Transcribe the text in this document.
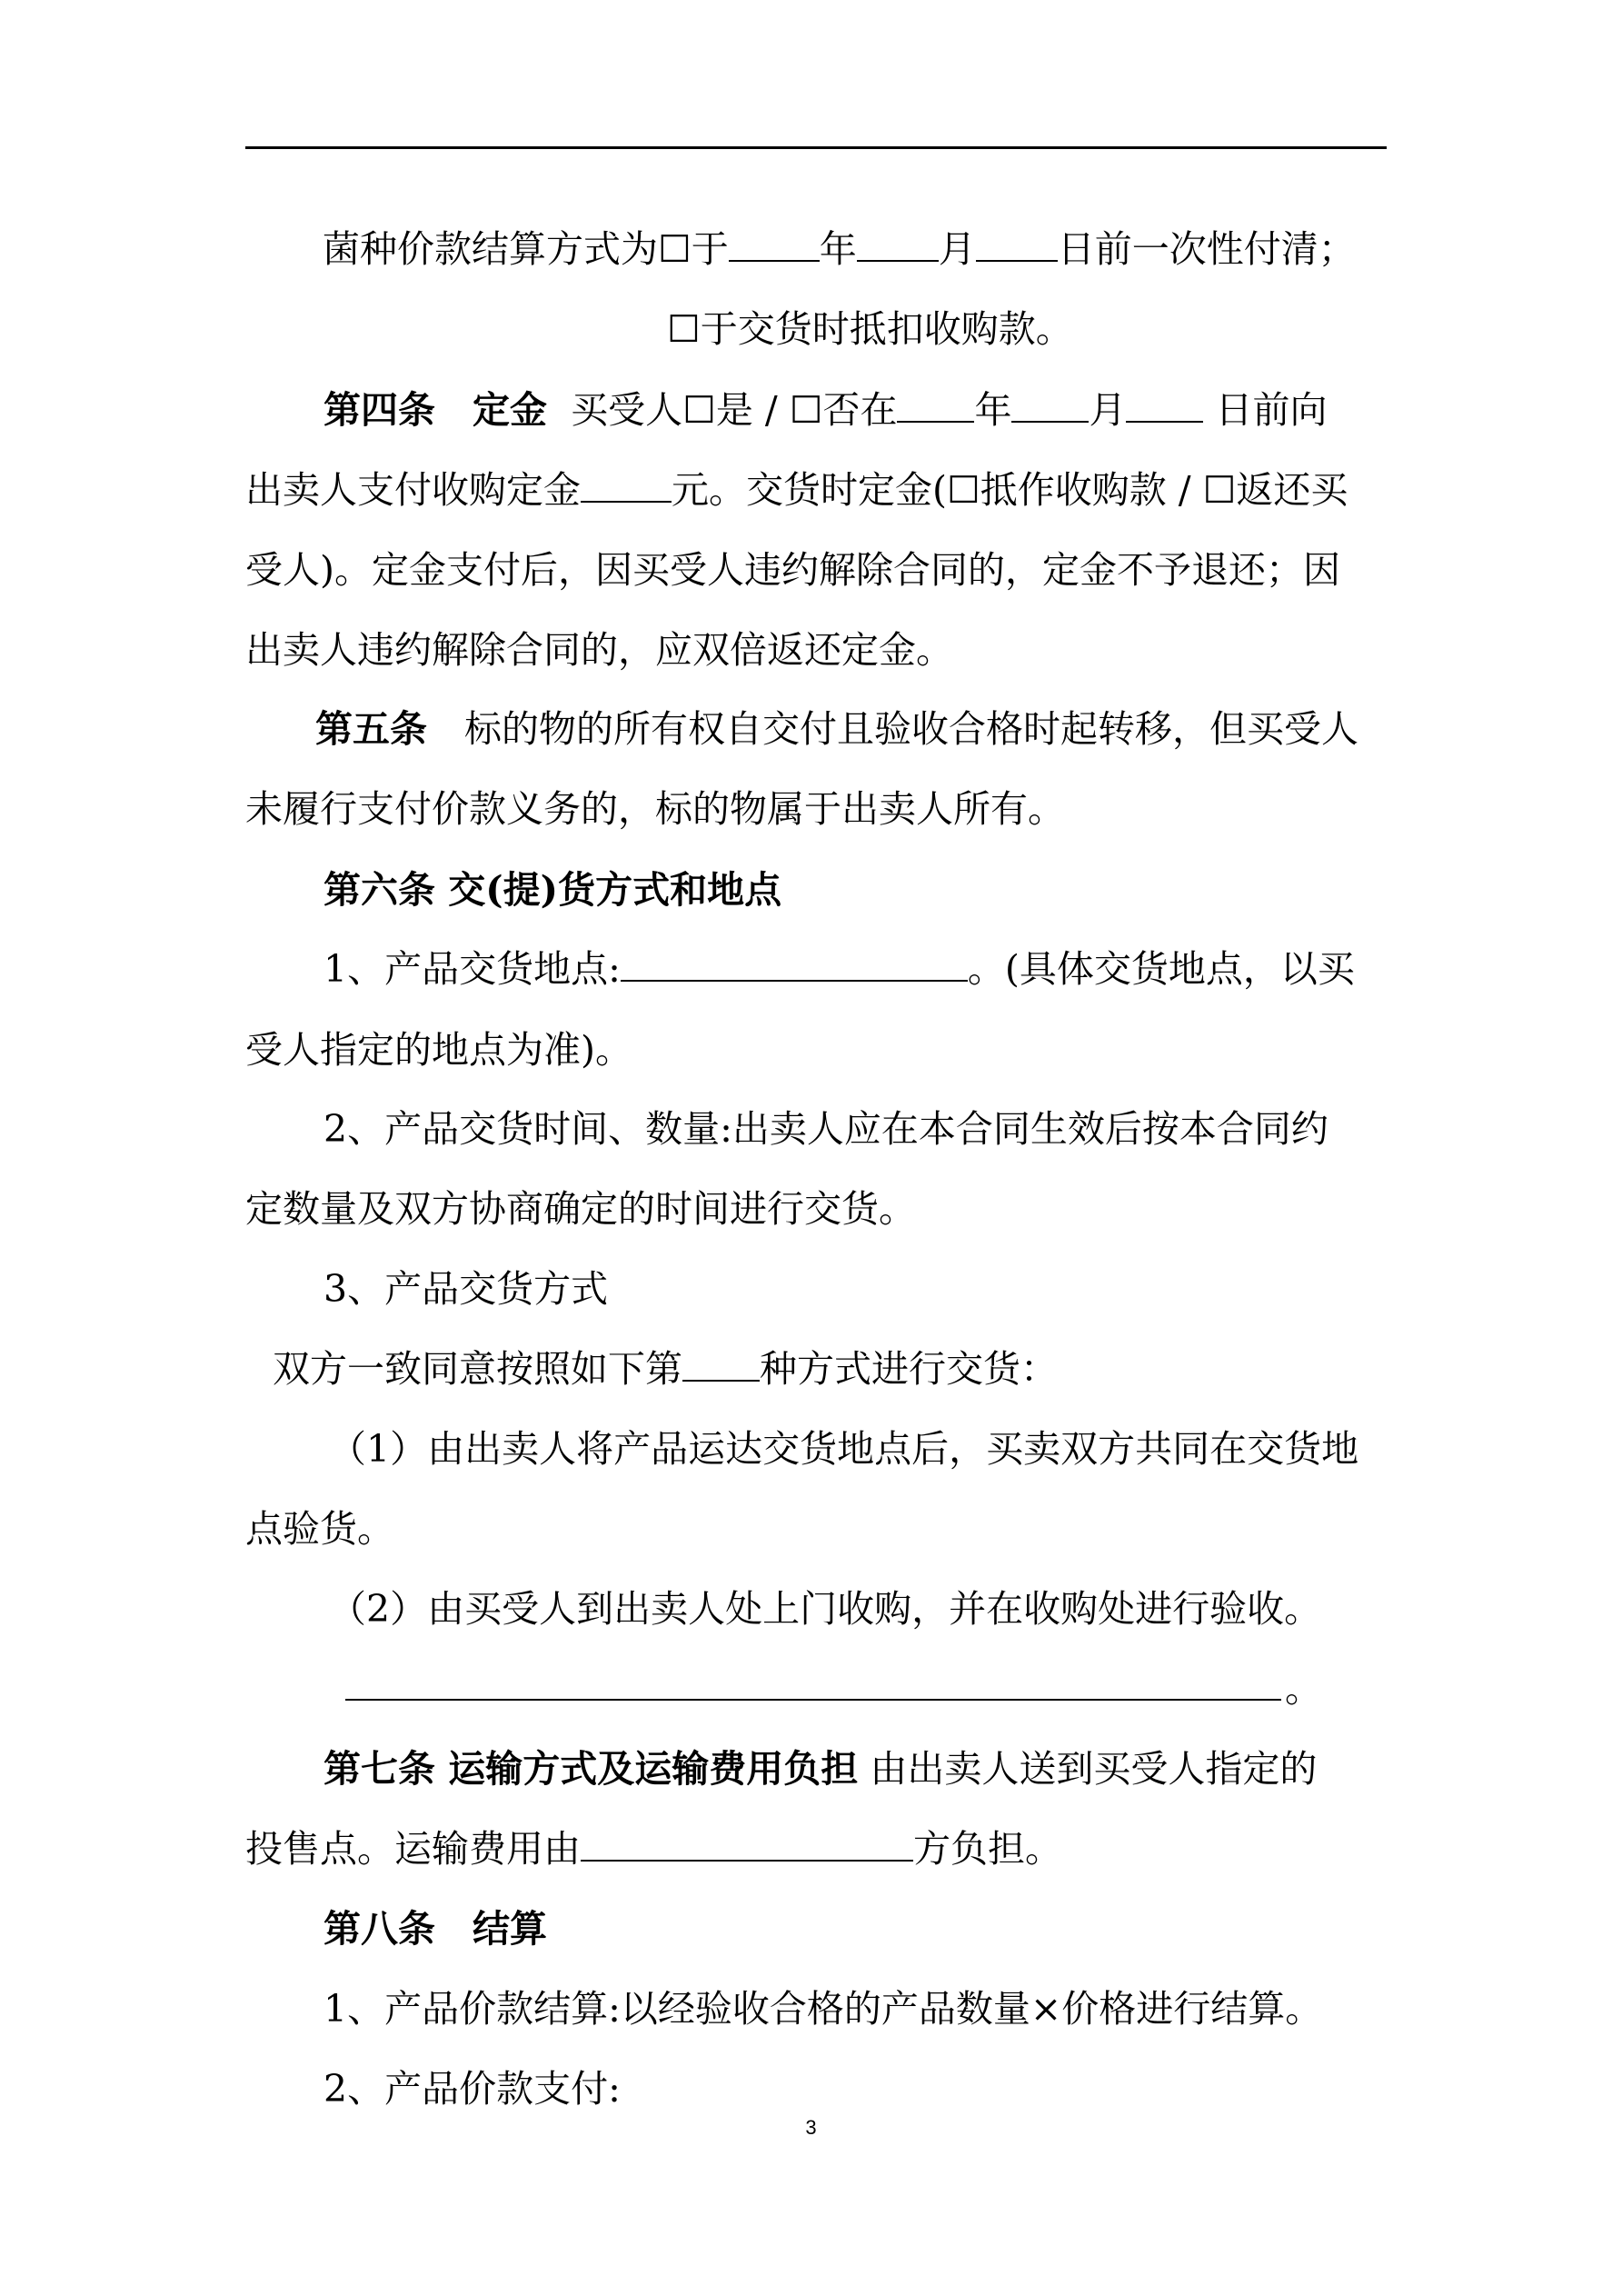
菌种价款结算方式为☐于 年 月 日前一次性付清；
☐于交货时抵扣收购款。
第四条　定金 买受人☐是 / ☐否在 年 月 日前向
出卖人支付收购定金 元。交货时定金(☐抵作收购款 / ☐返还买
受人)。定金支付后，因买受人违约解除合同的，定金不予退还；因
出卖人违约解除合同的，应双倍返还定金。
第五条　标的物的所有权自交付且验收合格时起转移，但买受人
未履行支付价款义务的，标的物属于出卖人所有。
第六条 交(提)货方式和地点
1、产品交货地点:	。(具体交货地点，以买
受人指定的地点为准)。
2、产品交货时间、数量:出卖人应在本合同生效后按本合同约
定数量及双方协商确定的时间进行交货。
3、产品交货方式
双方一致同意按照如下第 种方式进行交货：
（1）由出卖人将产品运达交货地点后，买卖双方共同在交货地
点验货。
（2）由买受人到出卖人处上门收购，并在收购处进行验收。
。
第七条 运输方式及运输费用负担 由出卖人送到买受人指定的
投售点。运输费用由	方负担。
第八条　结算
1、产品价款结算:以经验收合格的产品数量×价格进行结算。
2、产品价款支付:
3
